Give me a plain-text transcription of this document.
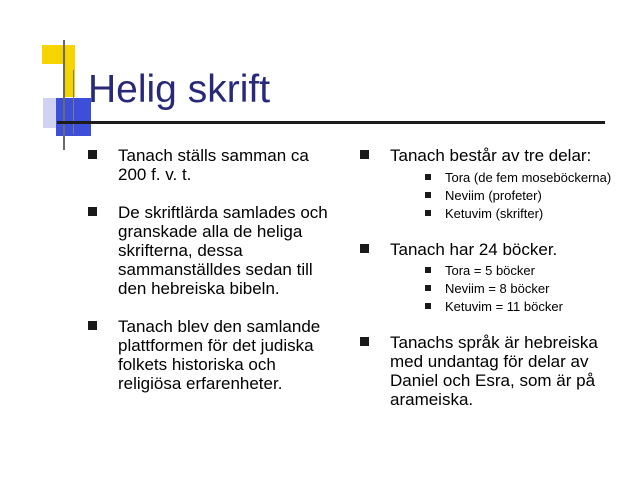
Helig skrift
Tanach ställs samman ca 200 f. v. t.
De skriftlärda samlades och granskade alla de heliga skrifterna, dessa sammanställdes sedan till den hebreiska bibeln.
Tanach blev den samlande plattformen för det judiska folkets historiska och religiösa erfarenheter.
Tanach består av tre delar:
Tora (de fem moseböckerna)
Neviim (profeter)
Ketuvim (skrifter)
Tanach har 24 böcker.
Tora = 5 böcker
Neviim = 8 böcker
Ketuvim = 11 böcker
Tanachs språk är hebreiska med undantag för delar av Daniel och Esra, som är på arameiska.
